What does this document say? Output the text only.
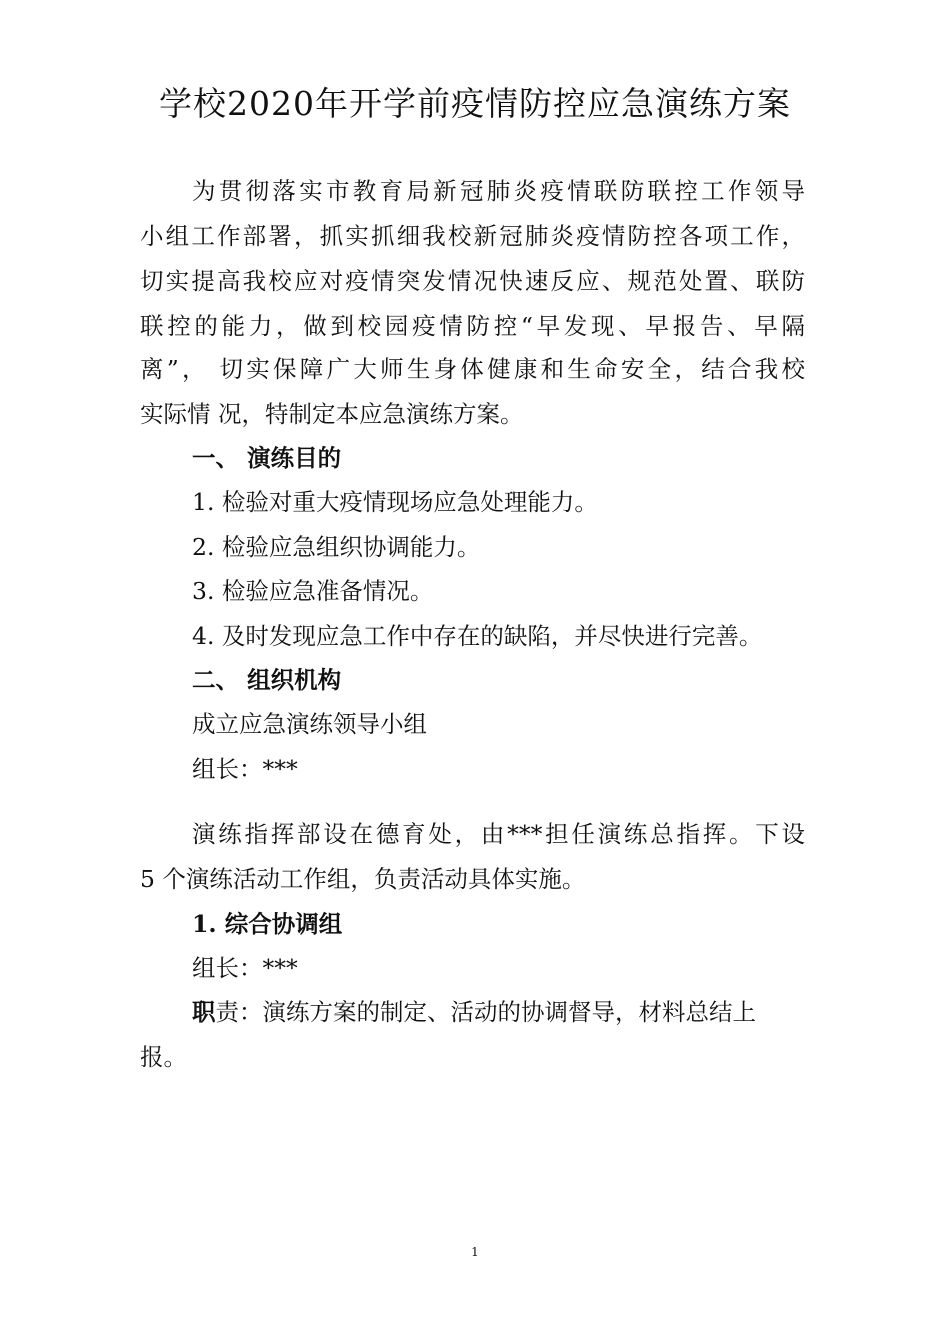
学校2020年开学前疫情防控应急演练方案
为贯彻落实市教育局新冠肺炎疫情联防联控工作领导
小组工作部署，抓实抓细我校新冠肺炎疫情防控各项工作，
切实提高我校应对疫情突发情况快速反应、规范处置、联防
联控的能力，做到校园疫情防控“早发现、早报告、早隔
离”， 切实保障广大师生身体健康和生命安全，结合我校
实际情 况，特制定本应急演练方案。
一、 演练目的
1. 检验对重大疫情现场应急处理能力。
2. 检验应急组织协调能力。
3. 检验应急准备情况。
4. 及时发现应急工作中存在的缺陷，并尽快进行完善。
二、 组织机构
成立应急演练领导小组
组长：***
演练指挥部设在德育处，由***担任演练总指挥。下设
5 个演练活动工作组，负责活动具体实施。
1. 综合协调组
组长：***
职责：演练方案的制定、活动的协调督导，材料总结上
报。
1
